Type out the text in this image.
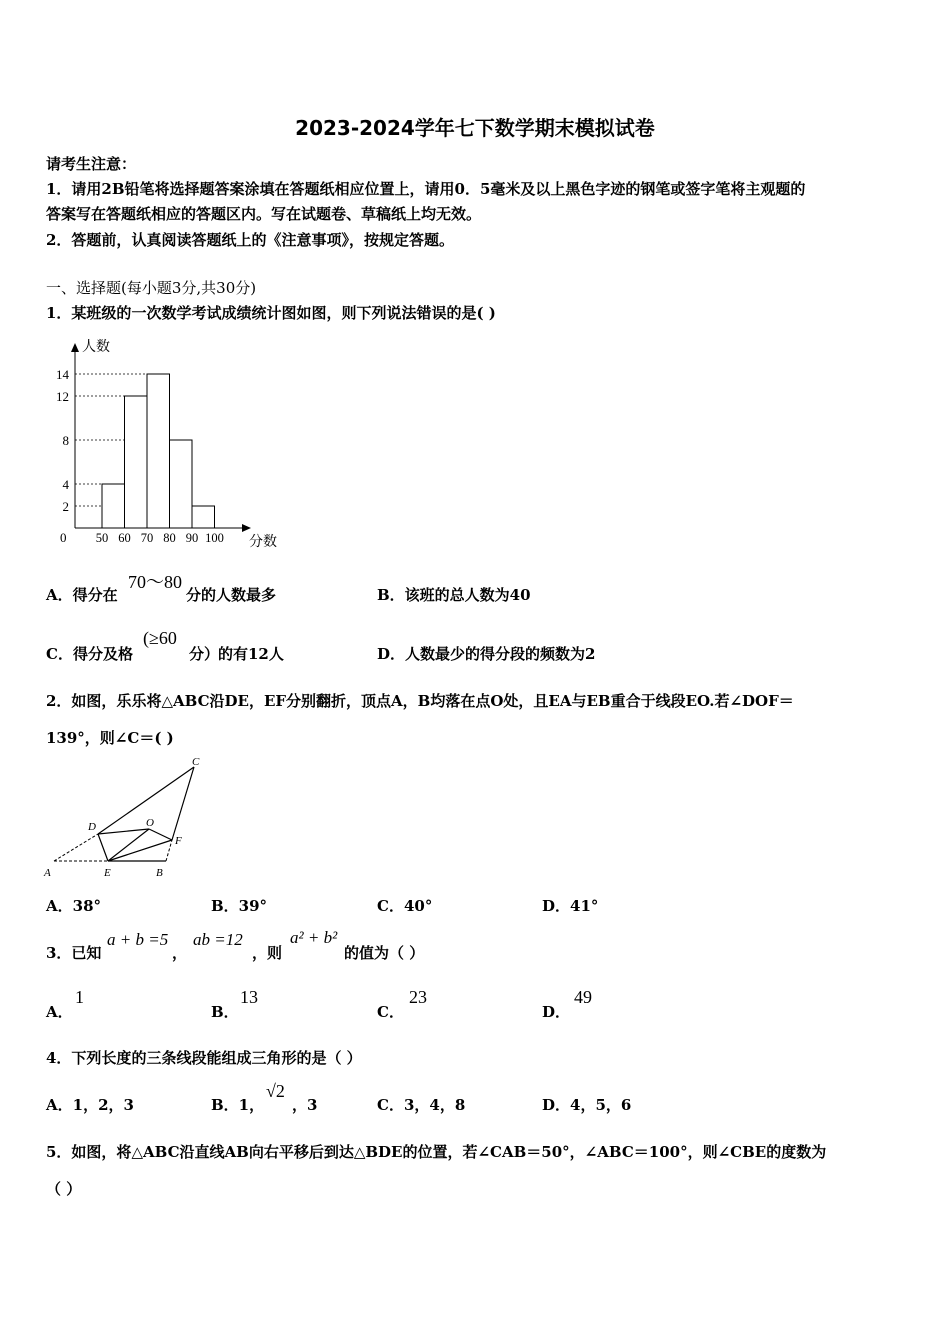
2023-2024学年七下数学期末模拟试卷
请考生注意：
1．请用2B铅笔将选择题答案涂填在答题纸相应位置上，请用0．5毫米及以上黑色字迹的钢笔或签字笔将主观题的
答案写在答题纸相应的答题区内。写在试题卷、草稿纸上均无效。
2．答题前，认真阅读答题纸上的《注意事项》，按规定答题。
一、选择题(每小题3分,共30分)
1．某班级的一次数学考试成绩统计图如图，则下列说法错误的是( )
2
4
8
12
14
0 50 60 70 80 90 100
人数
分数
A．得分在
70～80
分的人数最多	B．该班的总人数为40
C．得分及格
(≥60
分）
的有12人	D．人数最少的得分段的频数为2
2．如图，乐乐将△ABC沿DE，EF分别翻折，顶点A，B均落在点O处，且EA与EB重合于线段EO.若∠DOF＝
139°，则∠C＝( )
A	E	B
C
D	O
F
A．38°	B．39°	C．40°	D．41°
3．已知
a + b =5
，
ab =12
，则
a² + b²
的值为（ ）
A．
1
B．
13
C．
23
D．
49
4．下列长度的三条线段能组成三角形的是（ ）
A．1，2，3	B．1，
√2
，3	C．3，4，8	D．4，5，6
5．如图，将△ABC沿直线AB向右平移后到达△BDE的位置，若∠CAB＝50°，∠ABC＝100°，则∠CBE的度数为
（ ）
